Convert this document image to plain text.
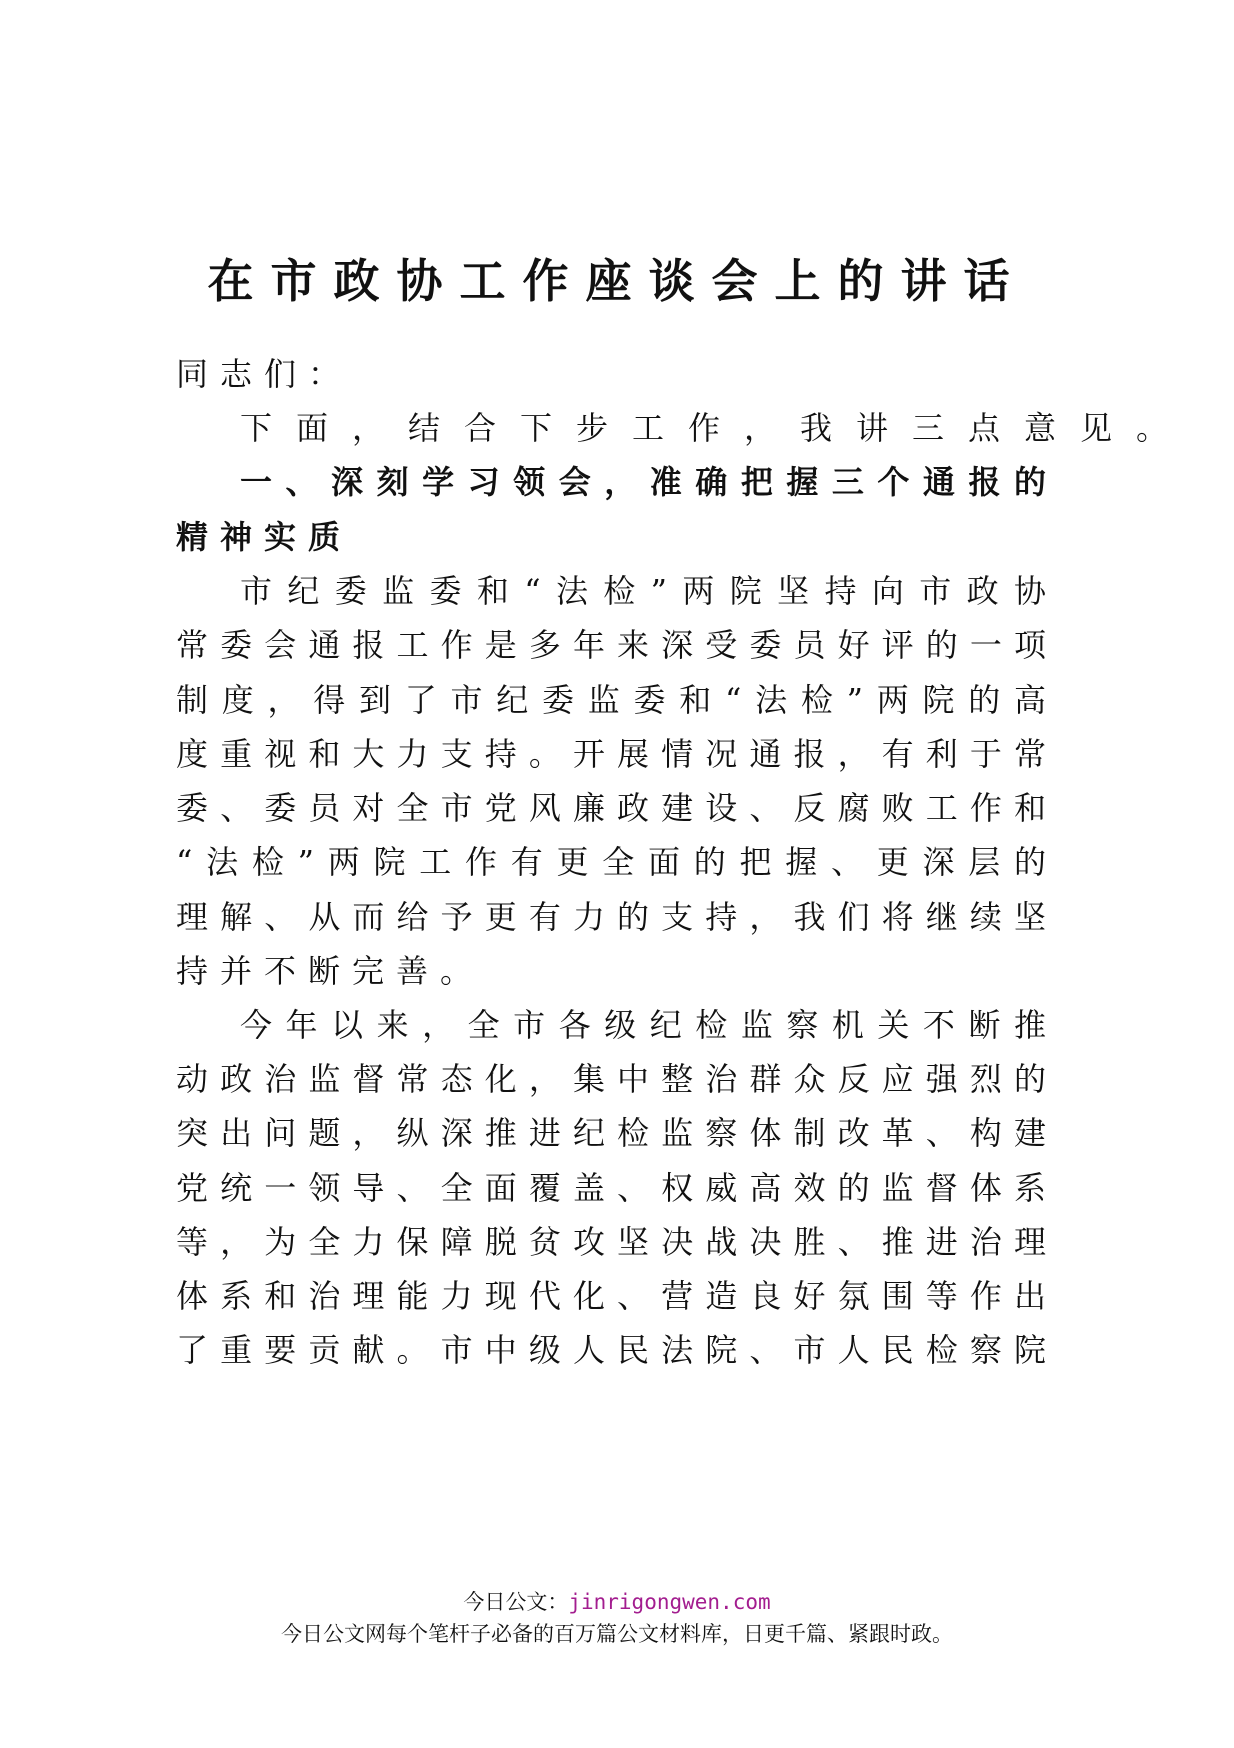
在市政协工作座谈会上的讲话
同志们：
下面，结合下步工作，我讲三点意见。
一、深刻学习领会，准确把握三个通报的
精神实质
市纪委监委和“法检”两院坚持向市政协
常委会通报工作是多年来深受委员好评的一项
制度，得到了市纪委监委和“法检”两院的高
度重视和大力支持。开展情况通报，有利于常
委、委员对全市党风廉政建设、反腐败工作和
“法检”两院工作有更全面的把握、更深层的
理解、从而给予更有力的支持，我们将继续坚
持并不断完善。
今年以来，全市各级纪检监察机关不断推
动政治监督常态化，集中整治群众反应强烈的
突出问题，纵深推进纪检监察体制改革、构建
党统一领导、全面覆盖、权威高效的监督体系
等，为全力保障脱贫攻坚决战决胜、推进治理
体系和治理能力现代化、营造良好氛围等作出
了重要贡献。市中级人民法院、市人民检察院
今日公文：jinrigongwen.com
今日公文网每个笔杆子必备的百万篇公文材料库，日更千篇、紧跟时政。
